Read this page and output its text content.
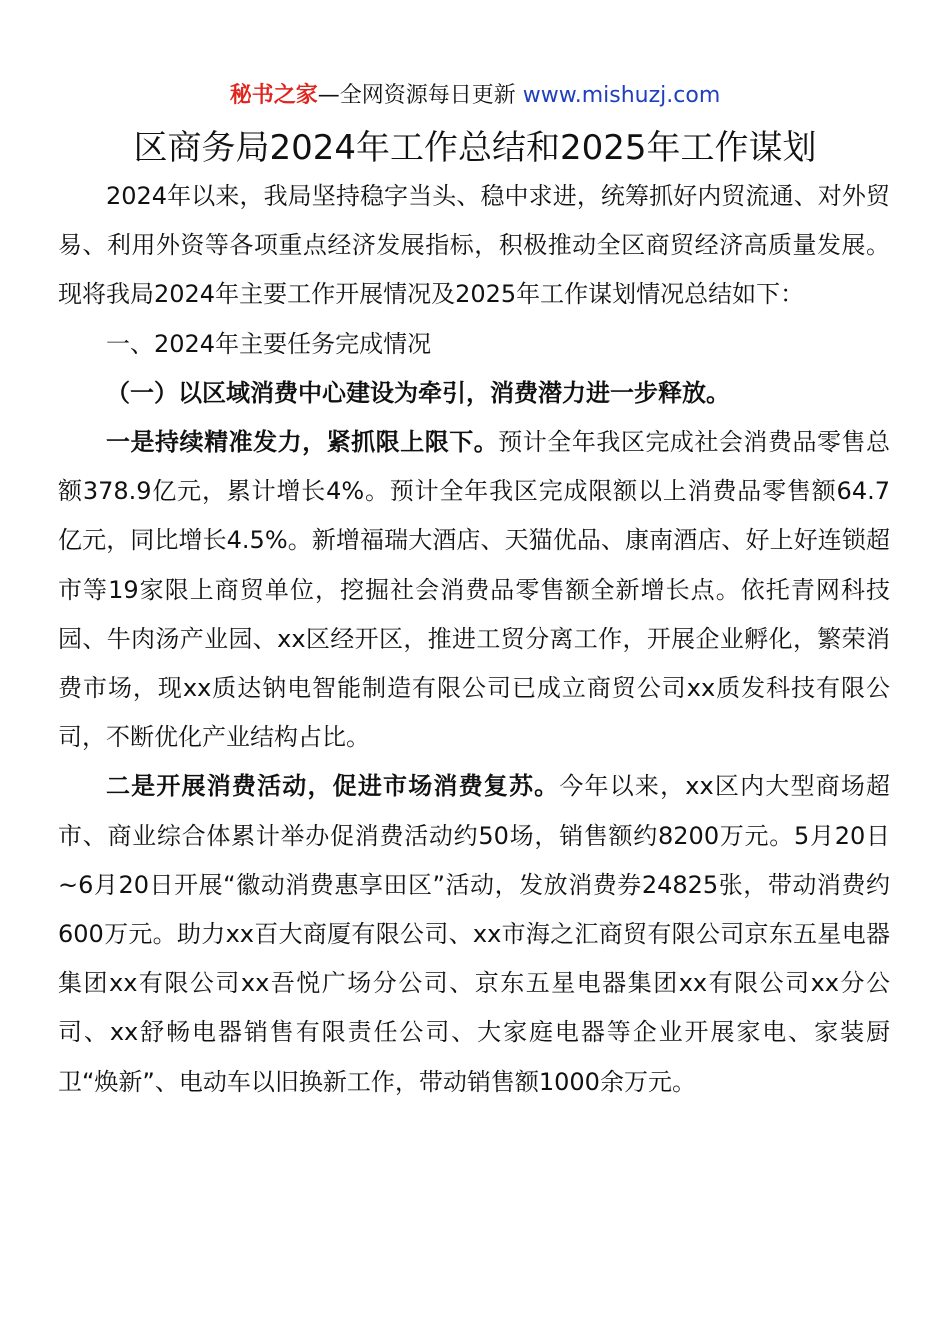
秘书之家—全网资源每日更新 www.mishuzj.com
区商务局2024年工作总结和2025年工作谋划

2024年以来，我局坚持稳字当头、稳中求进，统筹抓好内贸流通、对外贸易、利用外资等各项重点经济发展指标，积极推动全区商贸经济高质量发展。现将我局2024年主要工作开展情况及2025年工作谋划情况总结如下：

一、2024年主要任务完成情况

（一）以区域消费中心建设为牵引，消费潜力进一步释放。

一是持续精准发力，紧抓限上限下。预计全年我区完成社会消费品零售总额378.9亿元，累计增长4%。预计全年我区完成限额以上消费品零售额64.7亿元，同比增长4.5%。新增福瑞大酒店、天猫优品、康南酒店、好上好连锁超市等19家限上商贸单位，挖掘社会消费品零售额全新增长点。依托青网科技园、牛肉汤产业园、xx区经开区，推进工贸分离工作，开展企业孵化，繁荣消费市场，现xx质达钠电智能制造有限公司已成立商贸公司xx质发科技有限公司，不断优化产业结构占比。

二是开展消费活动，促进市场消费复苏。今年以来，xx区内大型商场超市、商业综合体累计举办促消费活动约50场，销售额约8200万元。5月20日~6月20日开展“徽动消费惠享田区”活动，发放消费券24825张，带动消费约600万元。助力xx百大商厦有限公司、xx市海之汇商贸有限公司京东五星电器集团xx有限公司xx吾悦广场分公司、京东五星电器集团xx有限公司xx分公司、xx舒畅电器销售有限责任公司、大家庭电器等企业开展家电、家装厨卫“焕新”、电动车以旧换新工作，带动销售额1000余万元。
